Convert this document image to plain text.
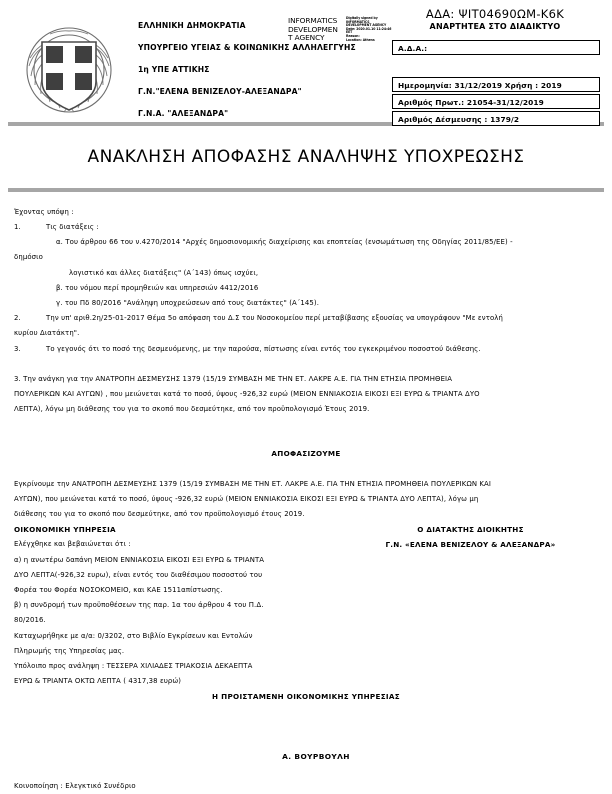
ΕΛΛΗΝΙΚΗ ΔΗΜΟΚΡΑΤΙΑ
ΥΠΟΥΡΓΕΙΟ ΥΓΕΙΑΣ & ΚΟΙΝΩΝΙΚΗΣ ΑΛΛΗΛΕΓΓΥΗΣ
1η ΥΠΕ ΑΤΤΙΚΗΣ
Γ.Ν."ΕΛΕΝΑ ΒΕΝΙΖΕΛΟΥ-ΑΛΕΞΑΝΔΡΑ"
Γ.Ν.Α. "ΑΛΕΞΑΝΔΡΑ"
INFORMATICS
DEVELOPMEN
T AGENCY
Digitally signed by
INFORMATICS
DEVELOPMENT AGENCY
Date: 2020.01.10 11:24:46
EET
Reason:
Location: Athens
ΑΔΑ: ΨΙΤ04690ΩΜ-Κ6Κ
ΑΝΑΡΤΗΤΕΑ ΣΤΟ ΔΙΑΔΙΚΤΥΟ
Α.Δ.Α.:
Ημερομηνία: 31/12/2019 Χρήση : 2019
Αριθμός Πρωτ.: 21054-31/12/2019
Αριθμός Δέσμευσης : 1379/2
ΑΝΑΚΛΗΣΗ ΑΠΟΦΑΣΗΣ ΑΝΑΛΗΨΗΣ ΥΠΟΧΡΕΩΣΗΣ
Έχοντας υπόψη :
1.	Τις διατάξεις :
α. Του άρθρου 66 του ν.4270/2014 "Αρχές δημοσιονομικής διαχείρισης και εποπτείας (ενσωμάτωση της Οδηγίας 2011/85/ΕΕ) -
δημόσιο
λογιστικό και άλλες διατάξεις" (Α΄143) όπως ισχύει,
β. του νόμου περί προμηθειών και υπηρεσιών 4412/2016
γ. του Πδ 80/2016 "Ανάληψη υποχρεώσεων από τους διατάκτες" (Α΄145).
2.	Την υπ' αριθ.2η/25-01-2017 Θέμα 5ο απόφαση του Δ.Σ του Νοσοκομείου περί μεταβίβασης εξουσίας να υπογράφουν "Με εντολή
κυρίου Διατάκτη".
3.	Το γεγονός ότι το ποσό της δεσμευόμενης, με την παρούσα, πίστωσης είναι εντός του εγκεκριμένου ποσοστού διάθεσης.
3. Την ανάγκη για την ΑΝΑΤΡΟΠΗ ΔΕΣΜΕΥΣΗΣ 1379 (15/19 ΣΥΜΒΑΣΗ ΜΕ ΤΗΝ ΕΤ. ΛΑΚΡΕ Α.Ε. ΓΙΑ ΤΗΝ ΕΤΗΣΙΑ ΠΡΟΜΗΘΕΙΑ
ΠΟΥΛΕΡΙΚΩΝ ΚΑΙ ΑΥΓΩΝ) , που μειώνεται κατά το ποσό, ύψους -926,32 ευρώ (ΜΕΙΟΝ ΕΝΝΙΑΚΟΣΙΑ ΕΙΚΟΣΙ ΕΞΙ ΕΥΡΩ & ΤΡΙΑΝΤΑ ΔΥΟ
ΛΕΠΤΑ), λόγω μη διάθεσης του για το σκοπό που δεσμεύτηκε, από τον προϋπολογισμό Έτους 2019.
ΑΠΟΦΑΣΙΖΟΥΜΕ
Εγκρίνουμε την ΑΝΑΤΡΟΠΗ ΔΕΣΜΕΥΣΗΣ 1379 (15/19 ΣΥΜΒΑΣΗ ΜΕ ΤΗΝ ΕΤ. ΛΑΚΡΕ Α.Ε. ΓΙΑ ΤΗΝ ΕΤΗΣΙΑ ΠΡΟΜΗΘΕΙΑ ΠΟΥΛΕΡΙΚΩΝ ΚΑΙ
ΑΥΓΩΝ), που μειώνεται κατά το ποσό, ύψους -926,32 ευρώ (ΜΕΙΟΝ ΕΝΝΙΑΚΟΣΙΑ ΕΙΚΟΣΙ ΕΞΙ ΕΥΡΩ & ΤΡΙΑΝΤΑ ΔΥΟ ΛΕΠΤΑ), λόγω μη
διάθεσης του για το σκοπό που δεσμεύτηκε, από τον προϋπολογισμό έτους 2019.
ΟΙΚΟΝΟΜΙΚΗ ΥΠΗΡΕΣΙΑ
Ελέγχθηκε και βεβαιώνεται ότι :
α) η ανωτέρω δαπάνη ΜΕΙΟΝ ΕΝΝΙΑΚΟΣΙΑ ΕΙΚΟΣΙ ΕΞΙ ΕΥΡΩ & ΤΡΙΑΝΤΑ
ΔΥΟ ΛΕΠΤΑ(-926,32 ευρω), είναι εντός του διαθέσιμου ποσοστού του
Φορέα του Φορέα ΝΟΣΟΚΟΜΕΙΟ, και ΚΑΕ 1511απίστωσης.
β) η συνδρομή των προϋποθέσεων της παρ. 1α του άρθρου 4 του Π.Δ.
80/2016.
Καταχωρήθηκε με α/α: 0/3202, στο Βιβλίο Εγκρίσεων και Εντολών
Πληρωμής της Υπηρεσίας μας.
Υπόλοιπο προς ανάληψη : ΤΕΣΣΕΡΑ ΧΙΛΙΑΔΕΣ ΤΡΙΑΚΟΣΙΑ ΔΕΚΑΕΠΤΑ
ΕΥΡΩ & ΤΡΙΑΝΤΑ ΟΚΤΩ ΛΕΠΤΑ ( 4317,38 ευρώ)
Ο ΔΙΑΤΑΚΤΗΣ ΔΙΟΙΚΗΤΗΣ
Γ.Ν. «ΕΛΕΝΑ ΒΕΝΙΖΕΛΟΥ & ΑΛΕΞΑΝΔΡΑ»
Η ΠΡΟΙΣΤΑΜΕΝΗ ΟΙΚΟΝΟΜΙΚΗΣ ΥΠΗΡΕΣΙΑΣ
Α. ΒΟΥΡΒΟΥΛΗ
Κοινοποίηση : Ελεγκτικό Συνέδριο
